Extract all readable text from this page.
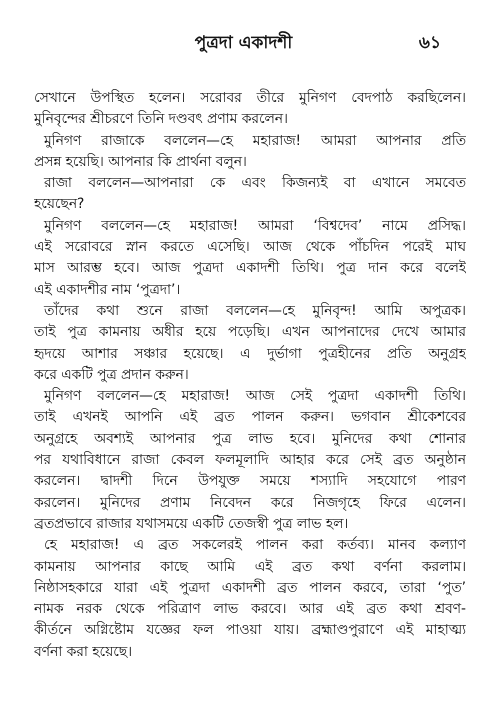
পুত্রদা একাদশী	৬১
সেখানে উপস্থিত হলেন। সরোবর তীরে মুনিগণ বেদপাঠ করছিলেন।
মুনিবৃন্দের শ্রীচরণে তিনি দণ্ডবৎ প্রণাম করলেন।
মুনিগণ রাজাকে বললেন—হে মহারাজ! আমরা আপনার প্রতি
প্রসন্ন হয়েছি। আপনার কি প্রার্থনা বলুন।
রাজা বললেন—আপনারা কে এবং কিজন্যই বা এখানে সমবেত
হয়েছেন?
মুনিগণ বললেন—হে মহারাজ! আমরা ‘বিশ্বদেব’ নামে প্রসিদ্ধ।
এই সরোবরে স্নান করতে এসেছি। আজ থেকে পাঁচদিন পরেই মাঘ
মাস আরম্ভ হবে। আজ পুত্রদা একাদশী তিথি। পুত্র দান করে বলেই
এই একাদশীর নাম ‘পুত্রদা’।
তাঁদের কথা শুনে রাজা বললেন—হে মুনিবৃন্দ! আমি অপুত্রক।
তাই পুত্র কামনায় অধীর হয়ে পড়েছি। এখন আপনাদের দেখে আমার
হৃদয়ে আশার সঞ্চার হয়েছে। এ দুর্ভাগা পুত্রহীনের প্রতি অনুগ্রহ
করে একটি পুত্র প্রদান করুন।
মুনিগণ বললেন—হে মহারাজ! আজ সেই পুত্রদা একাদশী তিথি।
তাই এখনই আপনি এই ব্রত পালন করুন। ভগবান শ্রীকেশবের
অনুগ্রহে অবশ্যই আপনার পুত্র লাভ হবে। মুনিদের কথা শোনার
পর যথাবিধানে রাজা কেবল ফলমূলাদি আহার করে সেই ব্রত অনুষ্ঠান
করলেন। দ্বাদশী দিনে উপযুক্ত সময়ে শস্যাদি সহযোগে পারণ
করলেন। মুনিদের প্রণাম নিবেদন করে নিজগৃহে ফিরে এলেন।
ব্রতপ্রভাবে রাজার যথাসময়ে একটি তেজস্বী পুত্র লাভ হল।
হে মহারাজ! এ ব্রত সকলেরই পালন করা কর্তব্য। মানব কল্যাণ
কামনায় আপনার কাছে আমি এই ব্রত কথা বর্ণনা করলাম।
নিষ্ঠাসহকারে যারা এই পুত্রদা একাদশী ব্রত পালন করবে, তারা ‘পুত’
নামক নরক থেকে পরিত্রাণ লাভ করবে। আর এই ব্রত কথা শ্রবণ-
কীর্তনে অগ্নিষ্টোম যজ্ঞের ফল পাওয়া যায়। ব্রহ্মাণ্ডপুরাণে এই মাহাত্ম্য
বর্ণনা করা হয়েছে।
